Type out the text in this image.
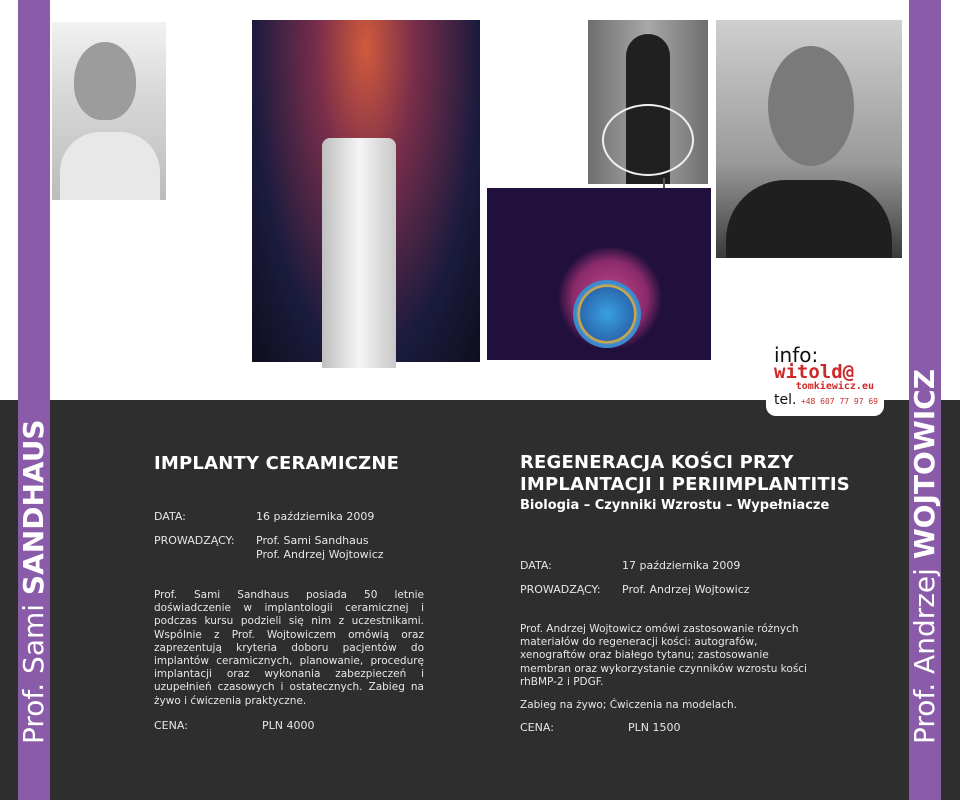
Prof. Sami SANDHAUS
Prof. Andrzej WOJTOWICZ
info:
witold@
tomkiewicz.eu
tel. +48 607 77 97 69
IMPLANTY CERAMICZNE
DATA:	16 października 2009
PROWADZĄCY:	Prof. Sami Sandhaus
Prof. Andrzej Wojtowicz

Prof. Sami Sandhaus posiada 50 letnie doświadczenie w implantologii ceramicznej i podczas kursu podzieli się nim z uczestnikami. Wspólnie z Prof. Wojtowiczem omówią oraz zaprezentują kryteria doboru pacjentów do implantów ceramicznych, planowanie, procedurę implantacji oraz wykonania zabezpieczeń i uzupełnień czasowych i ostatecznych. Zabieg na żywo i ćwiczenia praktyczne.

CENA:	PLN 4000
REGENERACJA KOŚCI PRZY
IMPLANTACJI I PERIIMPLANTITIS
Biologia – Czynniki Wzrostu – Wypełniacze
DATA:	17 października 2009
PROWADZĄCY:	Prof. Andrzej Wojtowicz

Prof. Andrzej Wojtowicz omówi zastosowanie różnych materiałów do regeneracji kości: autografów, xenograftów oraz białego tytanu; zastosowanie membran oraz wykorzystanie czynników wzrostu kości rhBMP-2 i PDGF.

Zabieg na żywo; Ćwiczenia na modelach.

CENA:	PLN 1500
